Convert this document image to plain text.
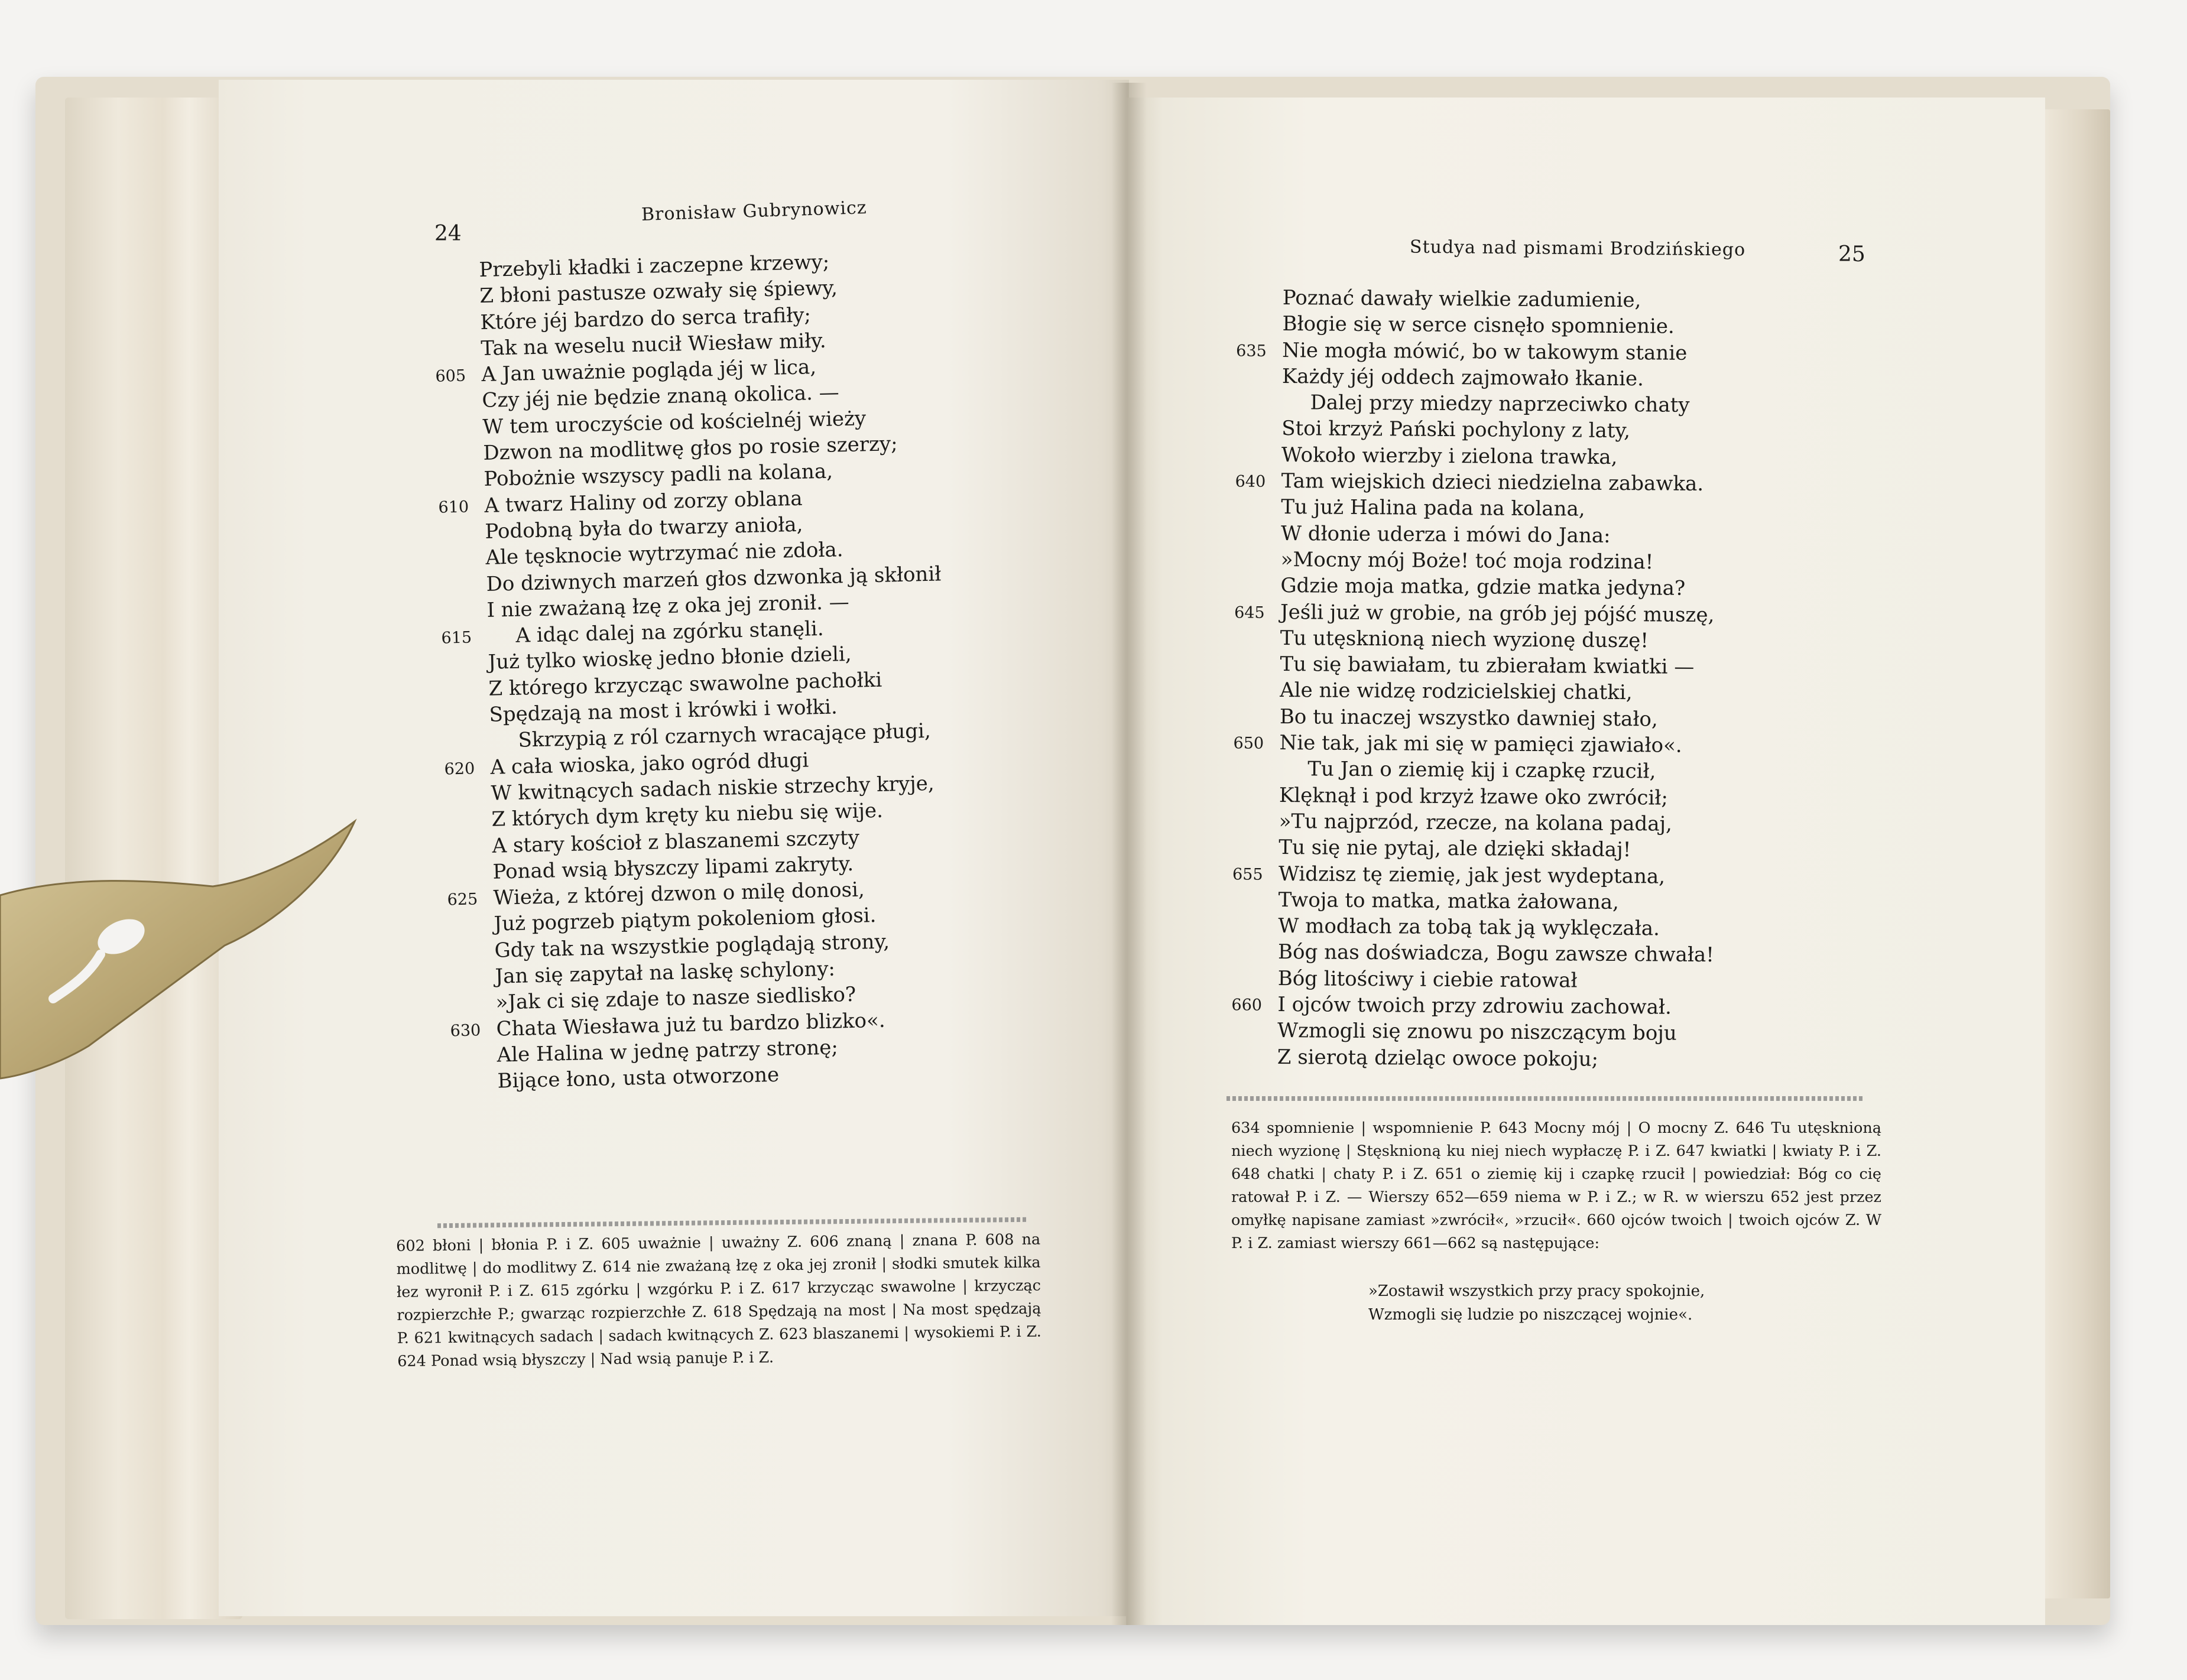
24
Bronisław Gubrynowicz
Przebyli kładki i zaczepne krzewy;
Z błoni pastusze ozwały się śpiewy,
Które jéj bardzo do serca trafiły;
Tak na weselu nucił Wiesław miły.
605 A Jan uważnie pogląda jéj w lica,
Czy jéj nie będzie znaną okolica. —
W tem uroczyście od kościelnéj wieży
Dzwon na modlitwę głos po rosie szerzy;
Pobożnie wszyscy padli na kolana,
610 A twarz Haliny od zorzy oblana
Podobną była do twarzy anioła,
Ale tęsknocie wytrzymać nie zdoła.
Do dziwnych marzeń głos dzwonka ją skłonił
I nie zważaną łzę z oka jej zronił. —
615 A idąc dalej na zgórku stanęli.
Już tylko wioskę jedno błonie dzieli,
Z którego krzycząc swawolne pachołki
Spędzają na most i krówki i wołki.
Skrzypią z ról czarnych wracające pługi,
620 A cała wioska, jako ogród długi
W kwitnących sadach niskie strzechy kryje,
Z których dym kręty ku niebu się wije.
A stary kościoł z blaszanemi szczyty
Ponad wsią błyszczy lipami zakryty.
625 Wieża, z której dzwon o milę donosi,
Już pogrzeb piątym pokoleniom głosi.
Gdy tak na wszystkie poglądają strony,
Jan się zapytał na laskę schylony:
»Jak ci się zdaje to nasze siedlisko?
630 Chata Wiesława już tu bardzo blizko«.
Ale Halina w jednę patrzy stronę;
Bijące łono, usta otworzone
602 błoni | błonia P. i Z. 605 uważnie | uważny Z. 606 znaną | znana P. 608 na modlitwę | do modlitwy Z. 614 nie zważaną łzę z oka jej zronił | słodki smutek kilka łez wyronił P. i Z. 615 zgórku | wzgórku P. i Z. 617 krzycząc swawolne | krzycząc rozpierzchłe P.; gwarząc rozpierzchłe Z. 618 Spędzają na most | Na most spędzają P. 621 kwitnących sadach | sadach kwitnących Z. 623 blaszanemi | wysokiemi P. i Z. 624 Ponad wsią błyszczy | Nad wsią panuje P. i Z.
Studya nad pismami Brodzińskiego	25
Poznać dawały wielkie zadumienie,
Błogie się w serce cisnęło spomnienie.
635 Nie mogła mówić, bo w takowym stanie
Każdy jéj oddech zajmowało łkanie.
Dalej przy miedzy naprzeciwko chaty
Stoi krzyż Pański pochylony z laty,
Wokoło wierzby i zielona trawka,
640 Tam wiejskich dzieci niedzielna zabawka.
Tu już Halina pada na kolana,
W dłonie uderza i mówi do Jana:
»Mocny mój Boże! toć moja rodzina!
Gdzie moja matka, gdzie matka jedyna?
645 Jeśli już w grobie, na grób jej pójść muszę,
Tu utęsknioną niech wyzionę duszę!
Tu się bawiałam, tu zbierałam kwiatki —
Ale nie widzę rodzicielskiej chatki,
Bo tu inaczej wszystko dawniej stało,
650 Nie tak, jak mi się w pamięci zjawiało«.
Tu Jan o ziemię kij i czapkę rzucił,
Klęknął i pod krzyż łzawe oko zwrócił;
»Tu najprzód, rzecze, na kolana padaj,
Tu się nie pytaj, ale dzięki składaj!
655 Widzisz tę ziemię, jak jest wydeptana,
Twoja to matka, matka żałowana,
W modłach za tobą tak ją wyklęczała.
Bóg nas doświadcza, Bogu zawsze chwała!
Bóg litościwy i ciebie ratował
660 I ojców twoich przy zdrowiu zachował.
Wzmogli się znowu po niszczącym boju
Z sierotą dzieląc owoce pokoju;
634 spomnienie | wspomnienie P. 643 Mocny mój | O mocny Z. 646 Tu utęsknioną niech wyzionę | Stęsknioną ku niej niech wypłaczę P. i Z. 647 kwiatki | kwiaty P. i Z. 648 chatki | chaty P. i Z. 651 o ziemię kij i czapkę rzucił | powiedział: Bóg co cię ratował P. i Z. — Wierszy 652—659 niema w P. i Z.; w R. w wierszu 652 jest przez omyłkę napisane zamiast »zwrócił«, »rzucił«. 660 ojców twoich | twoich ojców Z. W P. i Z. zamiast wierszy 661—662 są następujące:
»Zostawił wszystkich przy pracy spokojnie,
Wzmogli się ludzie po niszczącej wojnie«.
